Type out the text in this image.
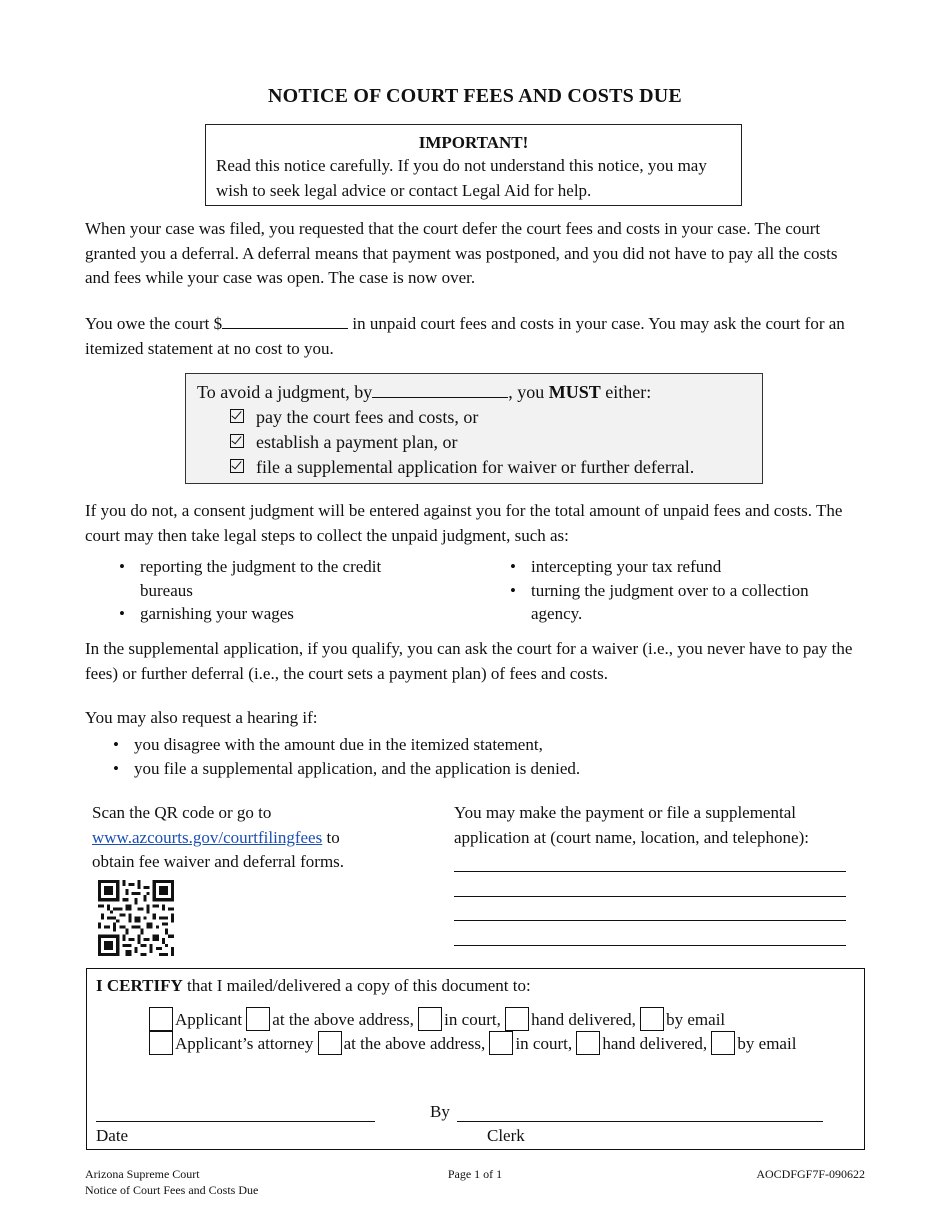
NOTICE OF COURT FEES AND COSTS DUE
IMPORTANT!
Read this notice carefully. If you do not understand this notice, you may wish to seek legal advice or contact Legal Aid for help.
When your case was filed, you requested that the court defer the court fees and costs in your case. The court granted you a deferral. A deferral means that payment was postponed, and you did not have to pay all the costs and fees while your case was open. The case is now over.
You owe the court $	in unpaid court fees and costs in your case. You may ask the court for an itemized statement at no cost to you.
To avoid a judgment, by	, you MUST either:
pay the court fees and costs, or
establish a payment plan, or
file a supplemental application for waiver or further deferral.
If you do not, a consent judgment will be entered against you for the total amount of unpaid fees and costs. The court may then take legal steps to collect the unpaid judgment, such as:
• reporting the judgment to the credit bureaus
• garnishing your wages
• intercepting your tax refund
• turning the judgment over to a collection agency.
In the supplemental application, if you qualify, you can ask the court for a waiver (i.e., you never have to pay the fees) or further deferral (i.e., the court sets a payment plan) of fees and costs.
You may also request a hearing if:
• you disagree with the amount due in the itemized statement,
• you file a supplemental application, and the application is denied.
Scan the QR code or go to
www.azcourts.gov/courtfilingfees to
obtain fee waiver and deferral forms.
You may make the payment or file a supplemental application at (court name, location, and telephone):
I CERTIFY that I mailed/delivered a copy of this document to:
Applicant at the above address, in court, hand delivered, by email
Applicant’s attorney at the above address, in court, hand delivered, by email
Date
By
Clerk
Arizona Supreme Court
Notice of Court Fees and Costs Due
Page 1 of 1	AOCDFGF7F-090622
